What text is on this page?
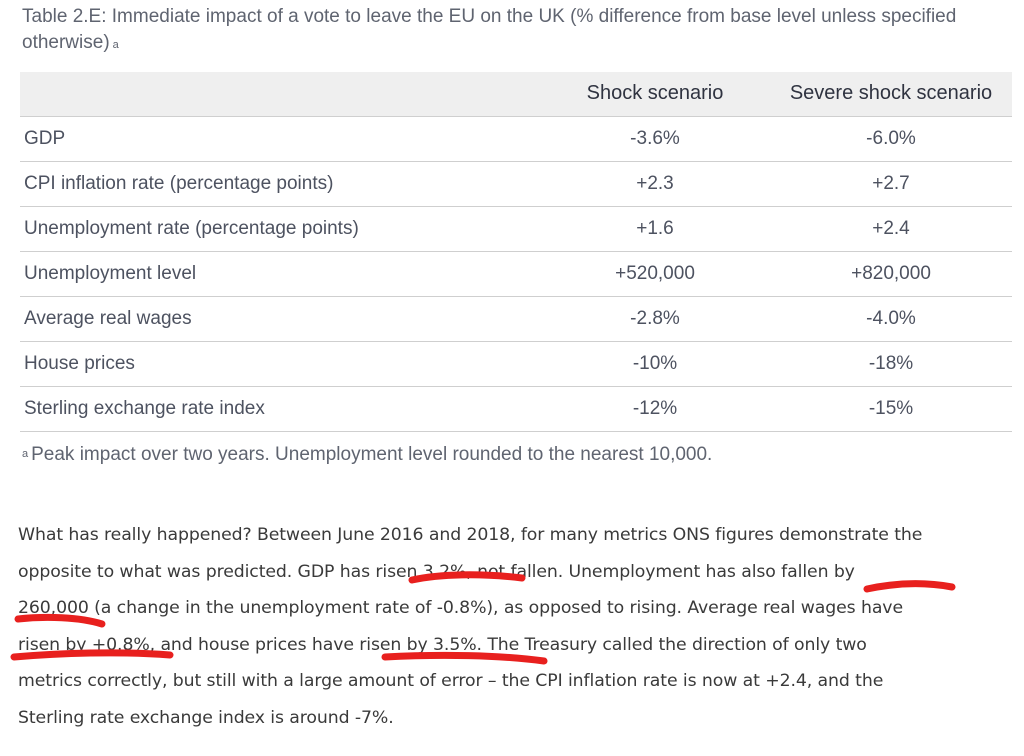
Table 2.E: Immediate impact of a vote to leave the EU on the UK (% difference from base level unless specified otherwise) $^a$

	Shock scenario	Severe shock scenario
GDP	-3.6%	-6.0%
CPI inflation rate (percentage points)	+2.3	+2.7
Unemployment rate (percentage points)	+1.6	+2.4
Unemployment level	+520,000	+820,000
Average real wages	-2.8%	-4.0%
House prices	-10%	-18%
Sterling exchange rate index	-12%	-15%

$^a$ Peak impact over two years. Unemployment level rounded to the nearest 10,000.

What has really happened? Between June 2016 and 2018, for many metrics ONS figures demonstrate the
opposite to what was predicted. GDP has risen 3.2%, not fallen. Unemployment has also fallen by
260,000 (a change in the unemployment rate of -0.8%), as opposed to rising. Average real wages have
risen by +0.8%, and house prices have risen by 3.5%. The Treasury called the direction of only two
metrics correctly, but still with a large amount of error – the CPI inflation rate is now at +2.4, and the
Sterling rate exchange index is around -7%.
